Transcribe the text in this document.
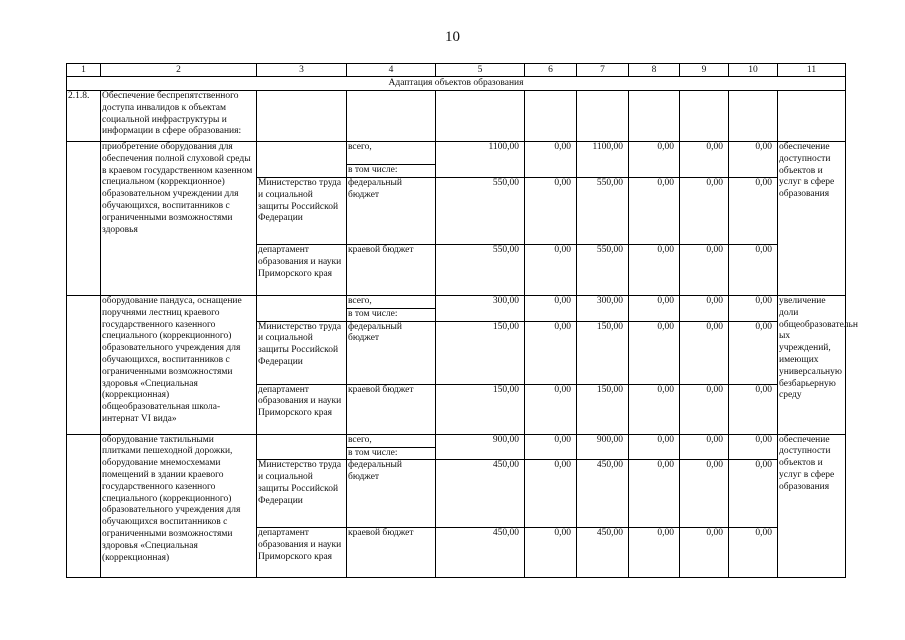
10
1	2	3	4	5	6	7	8	9	10	11
Адаптация объектов образования										
2.1.8.	Обеспечение беспрепятственного доступа инвалидов к объектам социальной инфраструктуры и информации в сфере образования:									
	приобретение оборудования для обеспечения полной слуховой среды в краевом государственном казенном специальном (коррекционное) образовательном учреждении для обучающихся, воспитанников с ограниченными возможностями здоровья		всего,	1100,00	0,00	1100,00	0,00	0,00	0,00	обеспечение доступности объектов и услуг в сфере образования
			в том числе:							
		Министерство труда и социальной защиты Российской Федерации	федеральный бюджет	550,00	0,00	550,00	0,00	0,00	0,00	
		департамент образования и науки Приморского края	краевой бюджет	550,00	0,00	550,00	0,00	0,00	0,00	
	оборудование пандуса, оснащение поручнями лестниц краевого государственного казенного специального (коррекционного) образовательного учреждения для обучающихся, воспитанников с ограниченными возможностями здоровья «Специальная (коррекционная) общеобразовательная школа-интернат VI вида»		всего,	300,00	0,00	300,00	0,00	0,00	0,00	увеличение доли общеобразовательн ых учреждений, имеющих универсальную безбарьерную среду
			в том числе:							
		Министерство труда и социальной защиты Российской Федерации	федеральный бюджет	150,00	0,00	150,00	0,00	0,00	0,00	
		департамент образования и науки Приморского края	краевой бюджет	150,00	0,00	150,00	0,00	0,00	0,00	
	оборудование тактильными плитками пешеходной дорожки, оборудование мнемосхемами помещений в здании краевого государственного казенного специального (коррекционного) образовательного учреждения для обучающихся воспитанников с ограниченными возможностями здоровья «Специальная (коррекционная)		всего,	900,00	0,00	900,00	0,00	0,00	0,00	обеспечение доступности объектов и услуг в сфере образования
			в том числе:							
		Министерство труда и социальной защиты Российской Федерации	федеральный бюджет	450,00	0,00	450,00	0,00	0,00	0,00	
		департамент образования и науки Приморского края	краевой бюджет	450,00	0,00	450,00	0,00	0,00	0,00	
